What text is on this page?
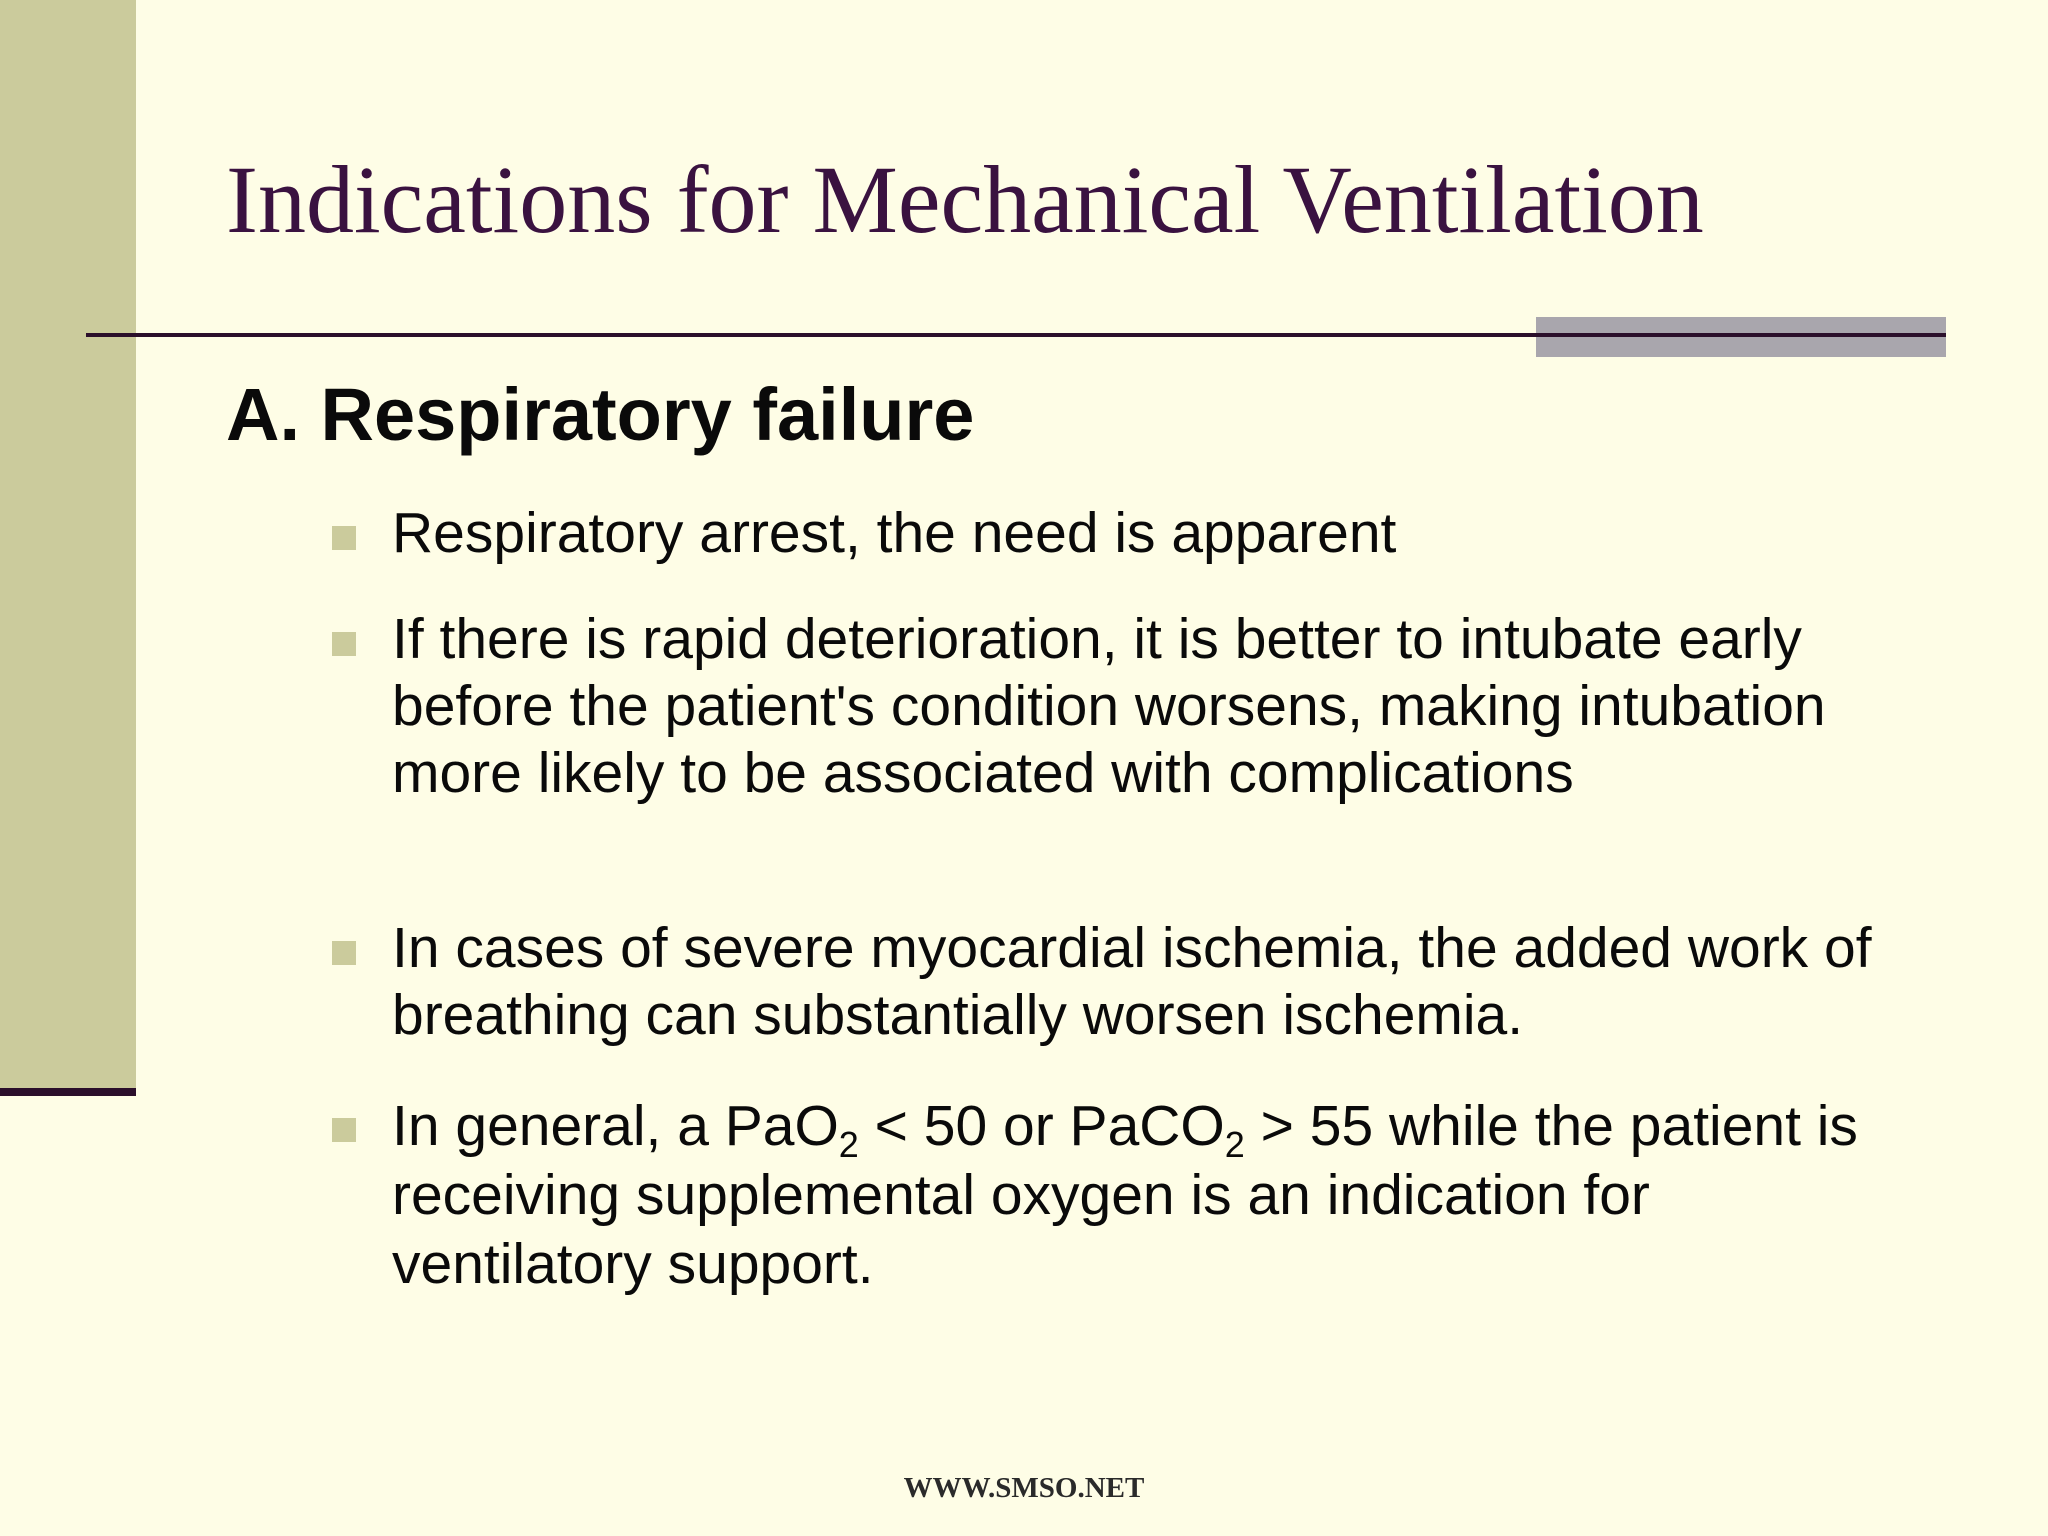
Indications for Mechanical Ventilation
A. Respiratory failure
Respiratory arrest, the need is apparent
If there is rapid deterioration, it is better to intubate early before the patient's condition worsens, making intubation more likely to be associated with complications
In cases of severe myocardial ischemia, the added work of breathing can substantially worsen ischemia.
In general, a PaO$_2$ < 50 or PaCO$_2$ > 55 while the patient is receiving supplemental oxygen is an indication for ventilatory support.
WWW.SMSO.NET
